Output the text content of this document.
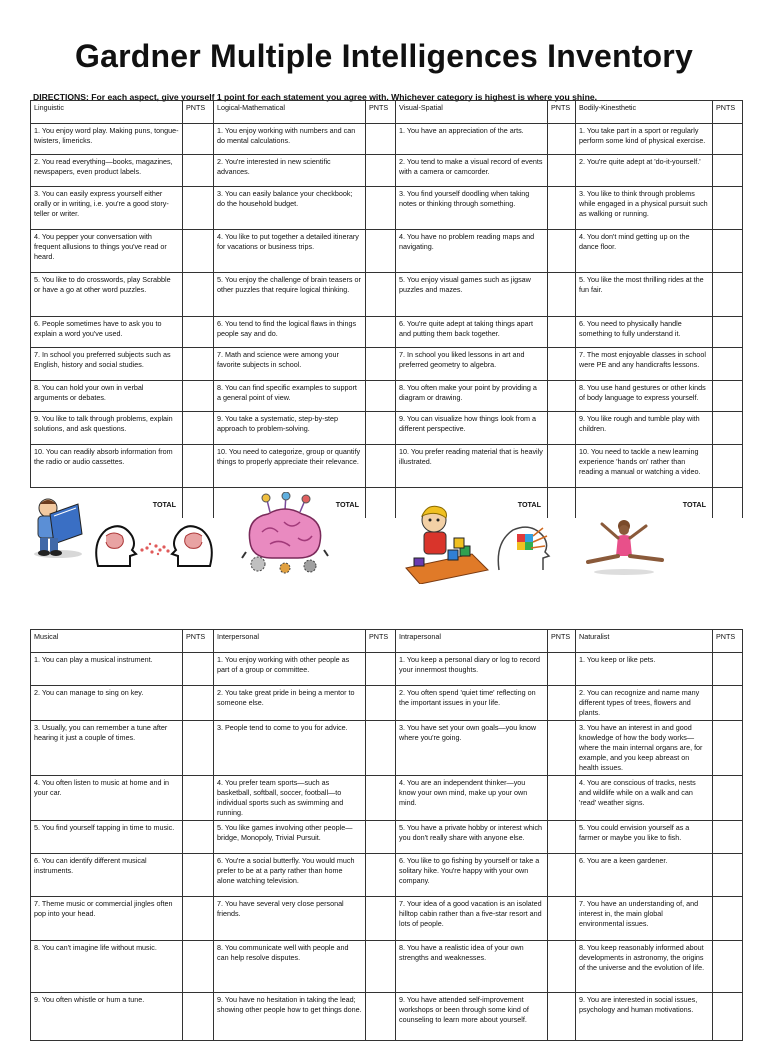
Gardner Multiple Intelligences Inventory
DIRECTIONS: For each aspect, give yourself 1 point for each statement you agree with. Whichever category is highest is where you shine.
Linguistic	PNTS	Logical-Mathematical	PNTS	Visual-Spatial	PNTS	Bodily-Kinesthetic	PNTS
1. You enjoy word play. Making puns, tongue-twisters, limericks.		1. You enjoy working with numbers and can do mental calculations.		1. You have an appreciation of the arts.		1. You take part in a sport or regularly perform some kind of physical exercise.	
2. You read everything—books, magazines, newspapers, even product labels.		2. You're interested in new scientific advances.		2. You tend to make a visual record of events with a camera or camcorder.		2. You're quite adept at 'do-it-yourself.'	
3. You can easily express yourself either orally or in writing, i.e. you're a good story-teller or writer.		3. You can easily balance your checkbook; do the household budget.		3. You find yourself doodling when taking notes or thinking through something.		3. You like to think through problems while engaged in a physical pursuit such as walking or running.	
4. You pepper your conversation with frequent allusions to things you've read or heard.		4. You like to put together a detailed itinerary for vacations or business trips.		4. You have no problem reading maps and navigating.		4. You don't mind getting up on the dance floor.	
5. You like to do crosswords, play Scrabble or have a go at other word puzzles.		5. You enjoy the challenge of brain teasers or other puzzles that require logical thinking.		5. You enjoy visual games such as jigsaw puzzles and mazes.		5. You like the most thrilling rides at the fun fair.	
6. People sometimes have to ask you to explain a word you've used.		6. You tend to find the logical flaws in things people say and do.		6. You're quite adept at taking things apart and putting them back together.		6. You need to physically handle something to fully understand it.	
7. In school you preferred subjects such as English, history and social studies.		7. Math and science were among your favorite subjects in school.		7. In school you liked lessons in art and preferred geometry to algebra.		7. The most enjoyable classes in school were PE and any handicrafts lessons.	
8. You can hold your own in verbal arguments or debates.		8. You can find specific examples to support a general point of view.		8. You often make your point by providing a diagram or drawing.		8. You use hand gestures or other kinds of body language to express yourself.	
9. You like to talk through problems, explain solutions, and ask questions.		9. You take a systematic, step-by-step approach to problem-solving.		9. You can visualize how things look from a different perspective.		9. You like rough and tumble play with children.	
10. You can readily absorb information from the radio or audio cassettes.		10. You need to categorize, group or quantify things to properly appreciate their relevance.		10. You prefer reading material that is heavily illustrated.		10. You need to tackle a new learning experience 'hands on' rather than reading a manual or watching a video.	
TOTAL		TOTAL		TOTAL		TOTAL	
Musical	PNTS	Interpersonal	PNTS	Intrapersonal	PNTS	Naturalist	PNTS
1. You can play a musical instrument.		1. You enjoy working with other people as part of a group or committee.		1. You keep a personal diary or log to record your innermost thoughts.		1. You keep or like pets.	
2. You can manage to sing on key.		2. You take great pride in being a mentor to someone else.		2. You often spend 'quiet time' reflecting on the important issues in your life.		2. You can recognize and name many different types of trees, flowers and plants.	
3. Usually, you can remember a tune after hearing it just a couple of times.		3. People tend to come to you for advice.		3. You have set your own goals—you know where you're going.		3. You have an interest in and good knowledge of how the body works—where the main internal organs are, for example, and you keep abreast on health issues.	
4. You often listen to music at home and in your car.		4. You prefer team sports—such as basketball, softball, soccer, football—to individual sports such as swimming and running.		4. You are an independent thinker—you know your own mind, make up your own mind.		4. You are conscious of tracks, nests and wildlife while on a walk and can 'read' weather signs.	
5. You find yourself tapping in time to music.		5. You like games involving other people—bridge, Monopoly, Trivial Pursuit.		5. You have a private hobby or interest which you don't really share with anyone else.		5. You could envision yourself as a farmer or maybe you like to fish.	
6. You can identify different musical instruments.		6. You're a social butterfly. You would much prefer to be at a party rather than home alone watching television.		6. You like to go fishing by yourself or take a solitary hike. You're happy with your own company.		6. You are a keen gardener.	
7. Theme music or commercial jingles often pop into your head.		7. You have several very close personal friends.		7. Your idea of a good vacation is an isolated hilltop cabin rather than a five-star resort and lots of people.		7. You have an understanding of, and interest in, the main global environmental issues.	
8. You can't imagine life without music.		8. You communicate well with people and can help resolve disputes.		8. You have a realistic idea of your own strengths and weaknesses.		8. You keep reasonably informed about developments in astronomy, the origins of the universe and the evolution of life.	
9. You often whistle or hum a tune.		9. You have no hesitation in taking the lead; showing other people how to get things done.		9. You have attended self-improvement workshops or been through some kind of counseling to learn more about yourself.		9. You are interested in social issues, psychology and human motivations.	
